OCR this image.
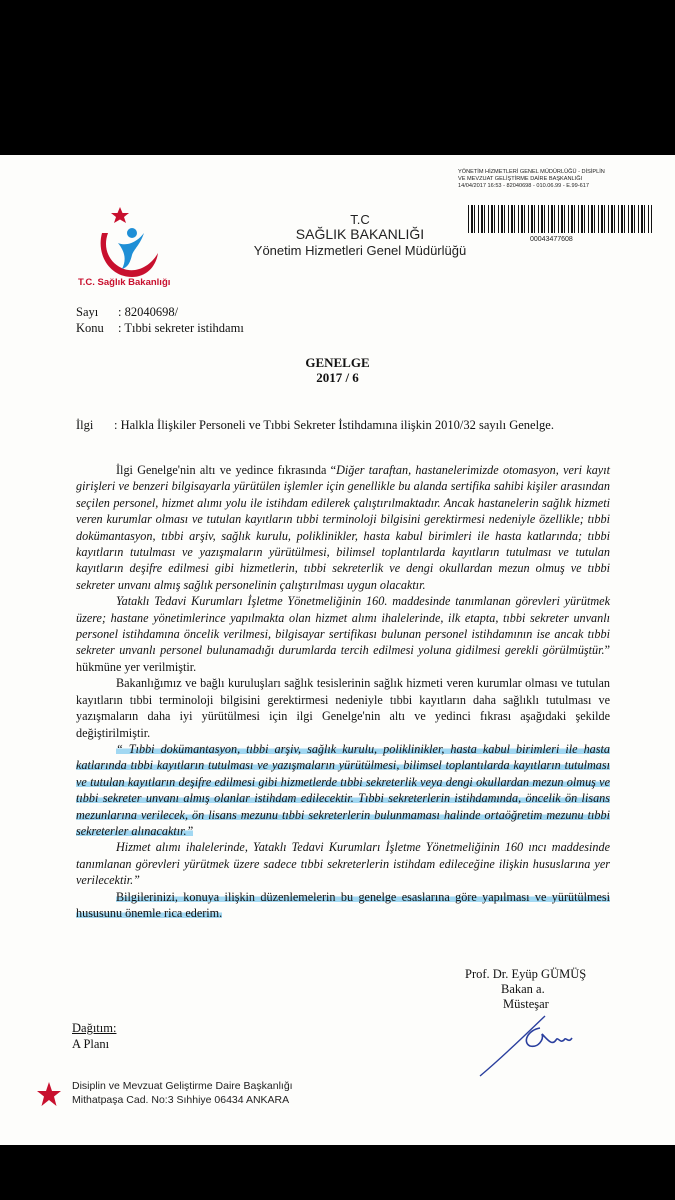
YÖNETİM HİZMETLERİ GENEL MÜDÜRLÜĞÜ - DİSİPLİN
VE MEVZUAT GELİŞTİRME DAİRE BAŞKANLIĞI
14/04/2017 16:53 - 82040698 - 010.06.99 - E.99-617
00043477608
T.C. Sağlık Bakanlığı
T.C
SAĞLIK BAKANLIĞI
Yönetim Hizmetleri Genel Müdürlüğü
Sayı : 82040698/
Konu : Tıbbi sekreter istihdamı
GENELGE
2017 / 6
İlgi : Halkla İlişkiler Personeli ve Tıbbi Sekreter İstihdamına ilişkin 2010/32 sayılı Genelge.

İlgi Genelge'nin altı ve yedince fıkrasında “Diğer taraftan, hastanelerimizde otomasyon, veri kayıt girişleri ve benzeri bilgisayarla yürütülen işlemler için genellikle bu alanda sertifika sahibi kişiler arasından seçilen personel, hizmet alımı yolu ile istihdam edilerek çalıştırılmaktadır. Ancak hastanelerin sağlık hizmeti veren kurumlar olması ve tutulan kayıtların tıbbi terminoloji bilgisini gerektirmesi nedeniyle özellikle; tıbbi dokümantasyon, tıbbi arşiv, sağlık kurulu, poliklinikler, hasta kabul birimleri ile hasta katlarında; tıbbi kayıtların tutulması ve yazışmaların yürütülmesi, bilimsel toplantılarda kayıtların tutulması ve tutulan kayıtların deşifre edilmesi gibi hizmetlerin, tıbbi sekreterlik ve dengi okullardan mezun olmuş ve tıbbi sekreter unvanı almış sağlık personelinin çalıştırılması uygun olacaktır.

Yataklı Tedavi Kurumları İşletme Yönetmeliğinin 160. maddesinde tanımlanan görevleri yürütmek üzere; hastane yönetimlerince yapılmakta olan hizmet alımı ihalelerinde, ilk etapta, tıbbi sekreter unvanlı personel istihdamına öncelik verilmesi, bilgisayar sertifikası bulunan personel istihdamının ise ancak tıbbi sekreter unvanlı personel bulunamadığı durumlarda tercih edilmesi yoluna gidilmesi gerekli görülmüştür.” hükmüne yer verilmiştir.

Bakanlığımız ve bağlı kuruluşları sağlık tesislerinin sağlık hizmeti veren kurumlar olması ve tutulan kayıtların tıbbi terminoloji bilgisini gerektirmesi nedeniyle tıbbi kayıtların daha sağlıklı tutulması ve yazışmaların daha iyi yürütülmesi için ilgi Genelge'nin altı ve yedinci fıkrası aşağıdaki şekilde değiştirilmiştir.

“ Tıbbi dokümantasyon, tıbbi arşiv, sağlık kurulu, poliklinikler, hasta kabul birimleri ile hasta katlarında tıbbi kayıtların tutulması ve yazışmaların yürütülmesi, bilimsel toplantılarda kayıtların tutulması ve tutulan kayıtların deşifre edilmesi gibi hizmetlerde tıbbi sekreterlik veya dengi okullardan mezun olmuş ve tıbbi sekreter unvanı almış olanlar istihdam edilecektir. Tıbbi sekreterlerin istihdamında, öncelik ön lisans mezunlarına verilecek, ön lisans mezunu tıbbi sekreterlerin bulunmaması halinde ortaöğretim mezunu tıbbi sekreterler alınacaktır.”

Hizmet alımı ihalelerinde, Yataklı Tedavi Kurumları İşletme Yönetmeliğinin 160 ıncı maddesinde tanımlanan görevleri yürütmek üzere sadece tıbbi sekreterlerin istihdam edileceğine ilişkin hususlarına yer verilecektir.”

Bilgilerinizi, konuya ilişkin düzenlemelerin bu genelge esaslarına göre yapılması ve yürütülmesi hususunu önemle rica ederim.

Prof. Dr. Eyüp GÜMÜŞ
Bakan a.
Müsteşar
Dağıtım:
A Planı
Disiplin ve Mevzuat Geliştirme Daire Başkanlığı
Mithatpaşa Cad. No:3 Sıhhiye 06434 ANKARA
